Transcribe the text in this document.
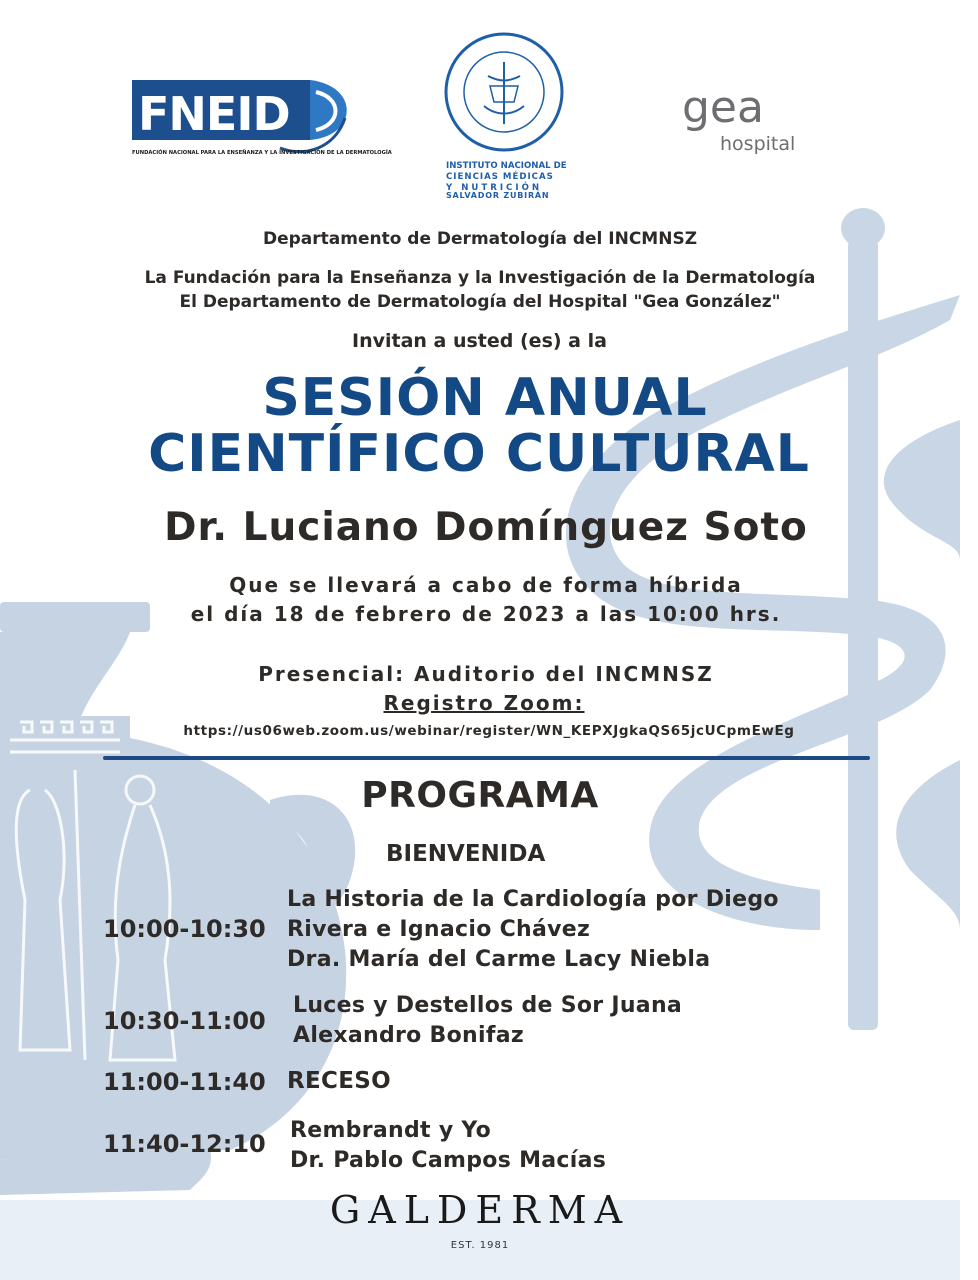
FNEID
FUNDACIÓN NACIONAL PARA LA ENSEÑANZA Y LA INVESTIGACIÓN DE LA DERMATOLOGÍA
INSTITUTO NACIONAL DE
CIENCIAS MÉDICAS
Y NUTRICIÓN
SALVADOR ZUBIRÁN
gea
hospital
Departamento de Dermatología del INCMNSZ
La Fundación para la Enseñanza y la Investigación de la Dermatología
El Departamento de Dermatología del Hospital "Gea González"
Invitan a usted (es) a la
SESIÓN ANUAL
CIENTÍFICO CULTURAL
Dr. Luciano Domínguez Soto
Que se llevará a cabo de forma híbrida
el día 18 de febrero de 2023 a las 10:00 hrs.
Presencial: Auditorio del INCMNSZ
Registro Zoom:
https://us06web.zoom.us/webinar/register/WN_KEPXJgkaQS65jcUCpmEwEg
PROGRAMA
BIENVENIDA
10:00-10:30
La Historia de la Cardiología por Diego
Rivera e Ignacio Chávez
Dra. María del Carme Lacy Niebla
10:30-11:00
Luces y Destellos de Sor Juana
Alexandro Bonifaz
11:00-11:40 RECESO
11:40-12:10 Rembrandt y Yo
Dr. Pablo Campos Macías
GALDERMA
EST. 1981
